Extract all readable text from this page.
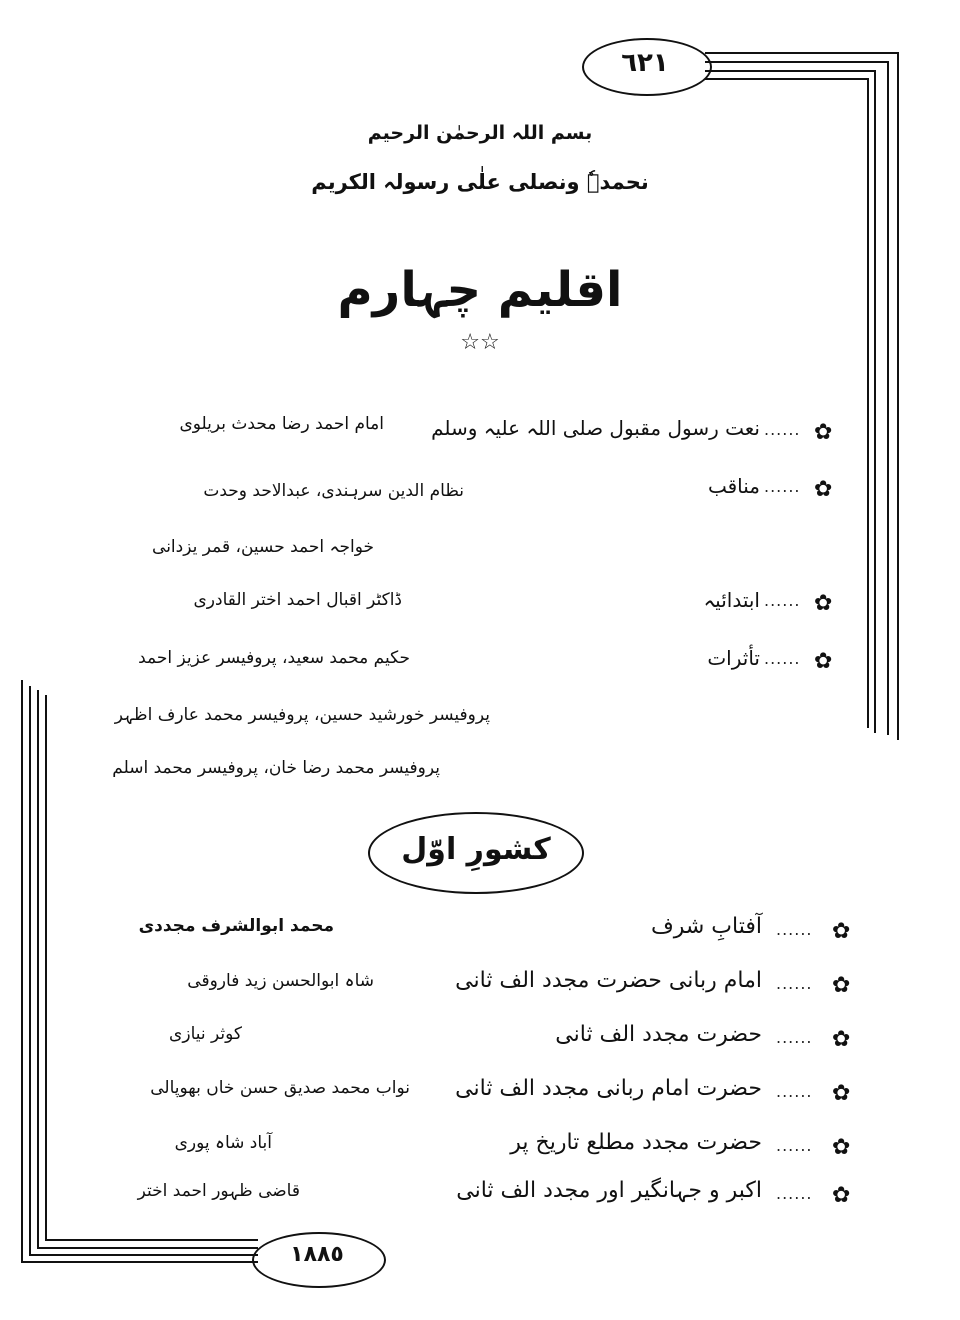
٦٢١
١٨٨٥
بسم اللہ الرحمٰن الرحیم
نحمدہٗ ونصلی علٰی رسولہ الکریم
اقلیم چہارم
☆☆
✿
......
نعت رسول مقبول صلی اللہ علیہ وسلم
امام احمد رضا محدث بریلوی
✿
......
مناقب
نظام الدین سرہندی، عبدالاحد وحدت
خواجہ احمد حسین، قمر یزدانی
✿
......
ابتدائیہ
ڈاکٹر اقبال احمد اختر القادری
✿
......
تأثرات
حکیم محمد سعید، پروفیسر عزیز احمد
پروفیسر خورشید حسین، پروفیسر محمد عارف اظہر
پروفیسر محمد رضا خان، پروفیسر محمد اسلم
کشورِ اوّل
✿
......
آفتابِ شرف
محمد ابوالشرف مجددی
✿
......
امام ربانی حضرت مجدد الف ثانی
شاہ ابوالحسن زید فاروقی
✿
......
حضرت مجدد الف ثانی
کوثر نیازی
✿
......
حضرت امام ربانی مجدد الف ثانی
نواب محمد صدیق حسن خاں بھوپالی
✿
......
حضرت مجدد مطلع تاریخ پر
آباد شاہ پوری
✿
......
اکبر و جہانگیر اور مجدد الف ثانی
قاضی ظہور احمد اختر
